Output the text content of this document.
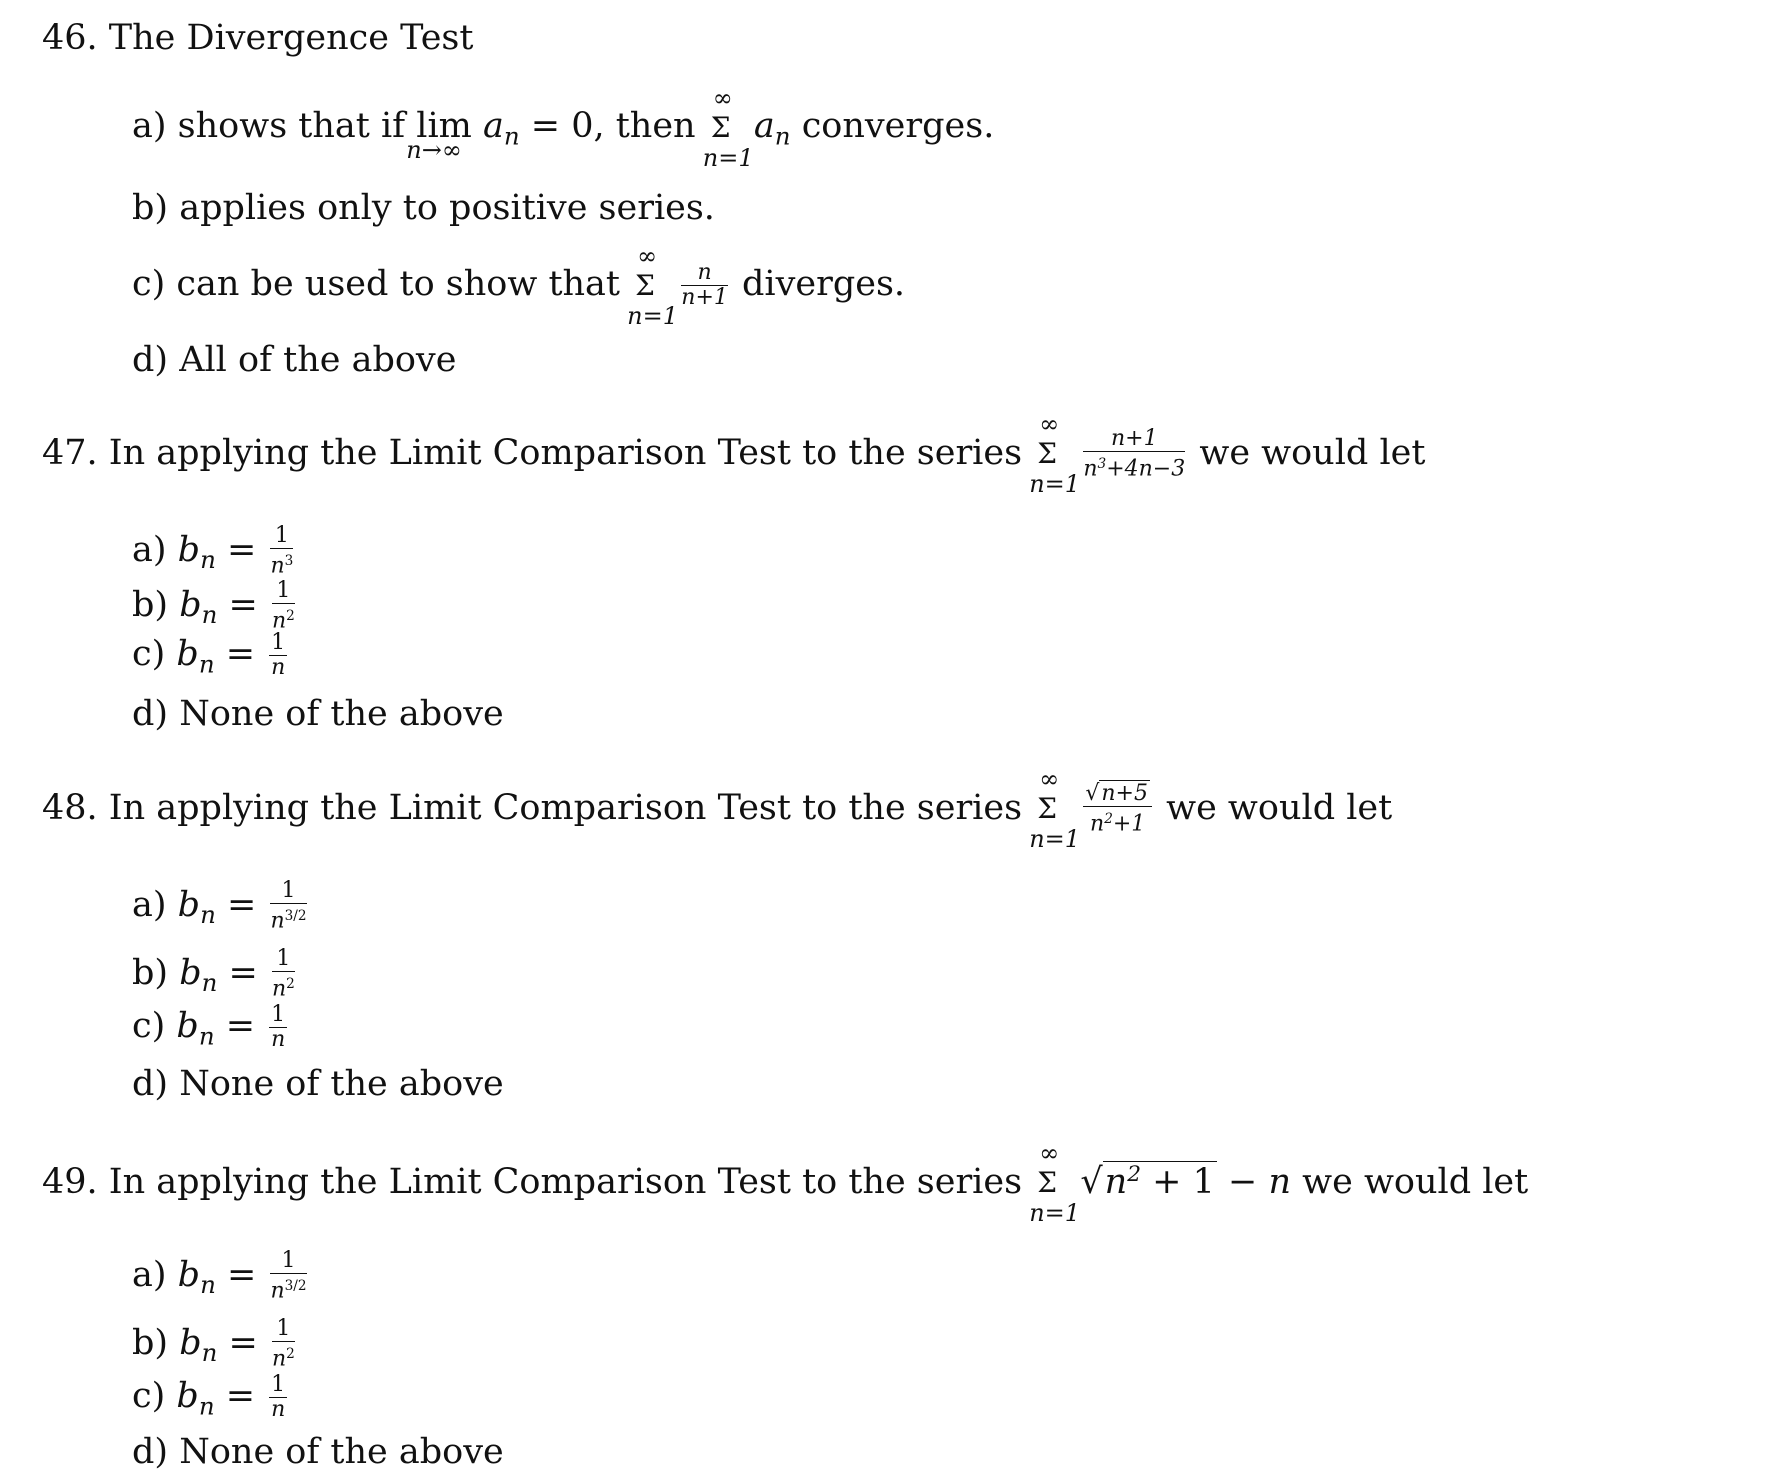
46. The Divergence Test
a) shows that if lim
n→∞
$a_n = 0$, then
∞
Σ
n=1
$a_n$ converges.
b) applies only to positive series.
c) can be used to show that
∞
Σ
n=1

$\frac{n}{n+1}$ diverges.
d) All of the above
47. In applying the Limit Comparison Test to the series
∞
Σ
n=1

$\frac{n+1}{n^3+4n-3}$ we would let
a) $b_n = \frac{1}{n^3}$
b) $b_n = \frac{1}{n^2}$
c) $b_n = \frac{1}{n}$
d) None of the above
48. In applying the Limit Comparison Test to the series
∞
Σ
n=1

$\frac{√n+5}{n^2+1}$ we would let
a) $b_n = \frac{1}{n^{3/2}}$
b) $b_n = \frac{1}{n^2}$
c) $b_n = \frac{1}{n}$
d) None of the above
49. In applying the Limit Comparison Test to the series
∞
Σ
n=1
$√n^2 + 1 - n$ we would let
a) $b_n = \frac{1}{n^{3/2}}$
b) $b_n = \frac{1}{n^2}$
c) $b_n = \frac{1}{n}$
d) None of the above
